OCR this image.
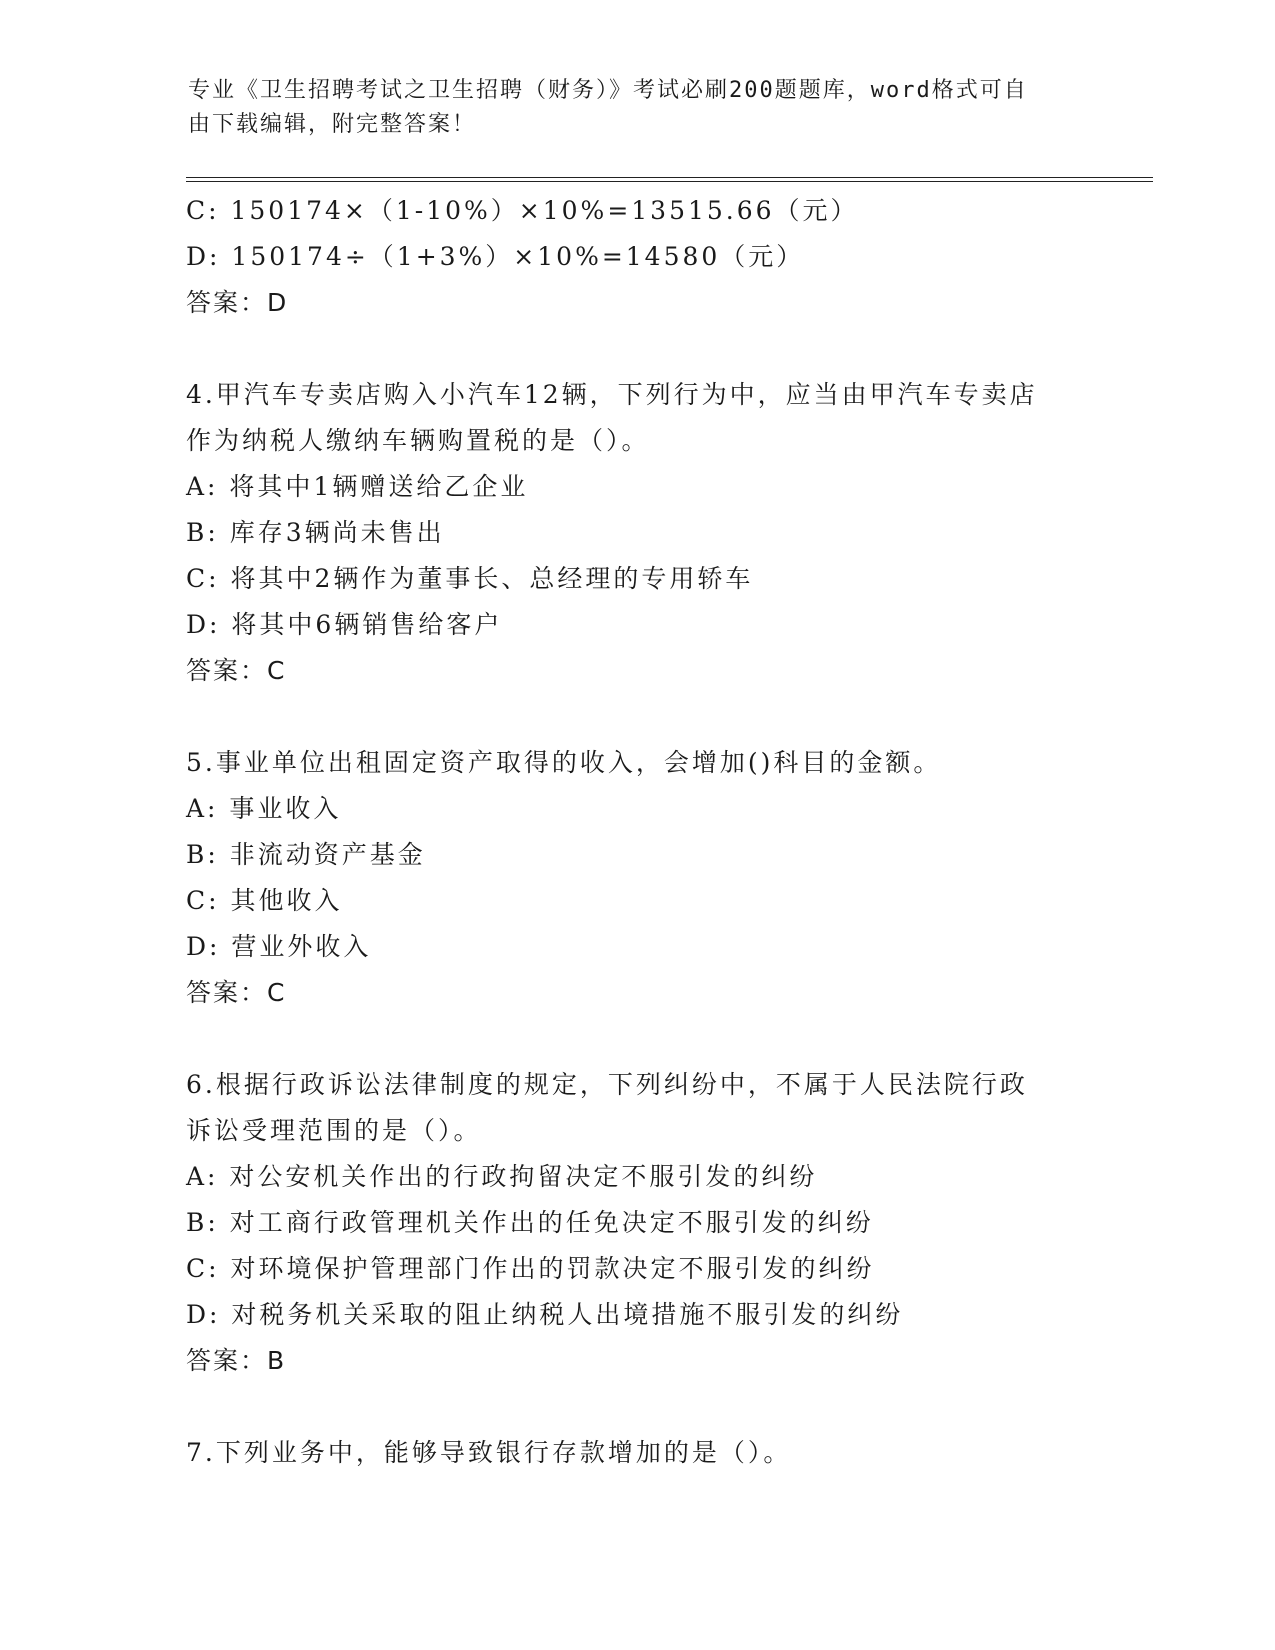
专业《卫生招聘考试之卫生招聘（财务）》考试必刷200题题库，word格式可自
由下载编辑，附完整答案！
C: 150174×（1-10%）×10%=13515.66（元）
D: 150174÷（1+3%）×10%=14580（元）
答案：D
4.甲汽车专卖店购入小汽车12辆，下列行为中，应当由甲汽车专卖店
作为纳税人缴纳车辆购置税的是（）。
A: 将其中1辆赠送给乙企业
B: 库存3辆尚未售出
C: 将其中2辆作为董事长、总经理的专用轿车
D: 将其中6辆销售给客户
答案：C
5.事业单位出租固定资产取得的收入，会增加()科目的金额。
A: 事业收入
B: 非流动资产基金
C: 其他收入
D: 营业外收入
答案：C
6.根据行政诉讼法律制度的规定，下列纠纷中，不属于人民法院行政
诉讼受理范围的是（）。
A: 对公安机关作出的行政拘留决定不服引发的纠纷
B: 对工商行政管理机关作出的任免决定不服引发的纠纷
C: 对环境保护管理部门作出的罚款决定不服引发的纠纷
D: 对税务机关采取的阻止纳税人出境措施不服引发的纠纷
答案：B
7.下列业务中，能够导致银行存款增加的是（）。
